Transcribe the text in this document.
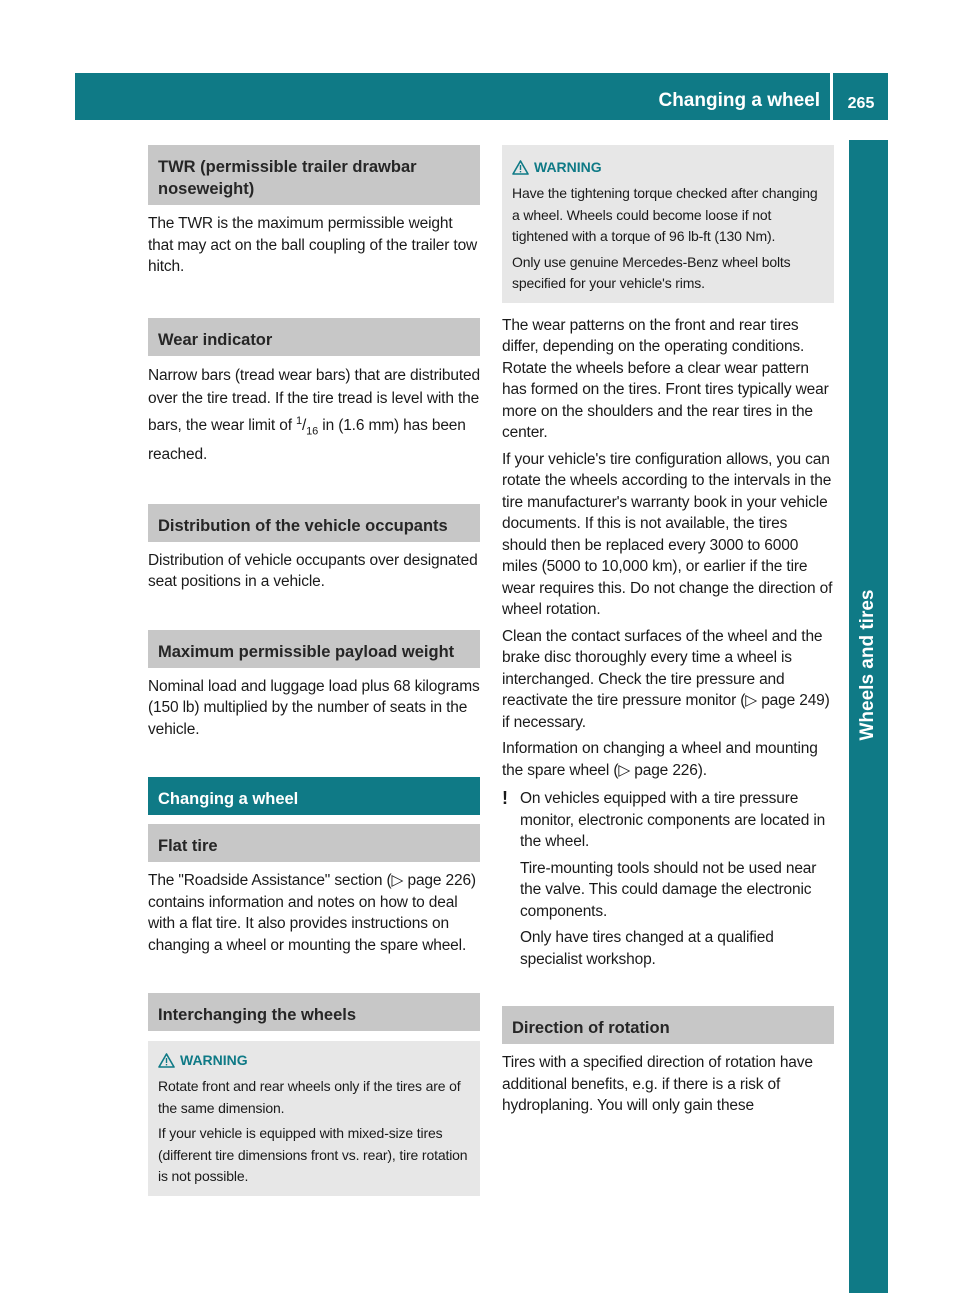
Changing a wheel	265
Wheels and tires
TWR (permissible trailer drawbar noseweight)

The TWR is the maximum permissible weight that may act on the ball coupling of the trailer tow hitch.

Wear indicator

Narrow bars (tread wear bars) that are distributed over the tire tread. If the tire tread is level with the bars, the wear limit of $^1/_{16}$ in (1.6 mm) has been reached.

Distribution of the vehicle occupants

Distribution of vehicle occupants over designated seat positions in a vehicle.

Maximum permissible payload weight

Nominal load and luggage load plus 68 kilograms (150 lb) multiplied by the number of seats in the vehicle.

Changing a wheel
Flat tire

The "Roadside Assistance" section (▷ page 226) contains information and notes on how to deal with a flat tire. It also provides instructions on changing a wheel or mounting the spare wheel.

Interchanging the wheels
WARNING

Rotate front and rear wheels only if the tires are of the same dimension.

If your vehicle is equipped with mixed-size tires (different tire dimensions front vs. rear), tire rotation is not possible.

WARNING

Have the tightening torque checked after changing a wheel. Wheels could become loose if not tightened with a torque of 96 lb-ft (130 Nm).

Only use genuine Mercedes-Benz wheel bolts specified for your vehicle's rims.

The wear patterns on the front and rear tires differ, depending on the operating conditions. Rotate the wheels before a clear wear pattern has formed on the tires. Front tires typically wear more on the shoulders and the rear tires in the center.

If your vehicle's tire configuration allows, you can rotate the wheels according to the intervals in the tire manufacturer's warranty book in your vehicle documents. If this is not available, the tires should then be replaced every 3000 to 6000 miles (5000 to 10,000 km), or earlier if the tire wear requires this. Do not change the direction of wheel rotation.

Clean the contact surfaces of the wheel and the brake disc thoroughly every time a wheel is interchanged. Check the tire pressure and reactivate the tire pressure monitor (▷ page 249) if necessary.

Information on changing a wheel and mounting the spare wheel (▷ page 226).

! On vehicles equipped with a tire pressure monitor, electronic components are located in the wheel.

Tire-mounting tools should not be used near the valve. This could damage the electronic components.

Only have tires changed at a qualified specialist workshop.

Direction of rotation

Tires with a specified direction of rotation have additional benefits, e.g. if there is a risk of hydroplaning. You will only gain these
